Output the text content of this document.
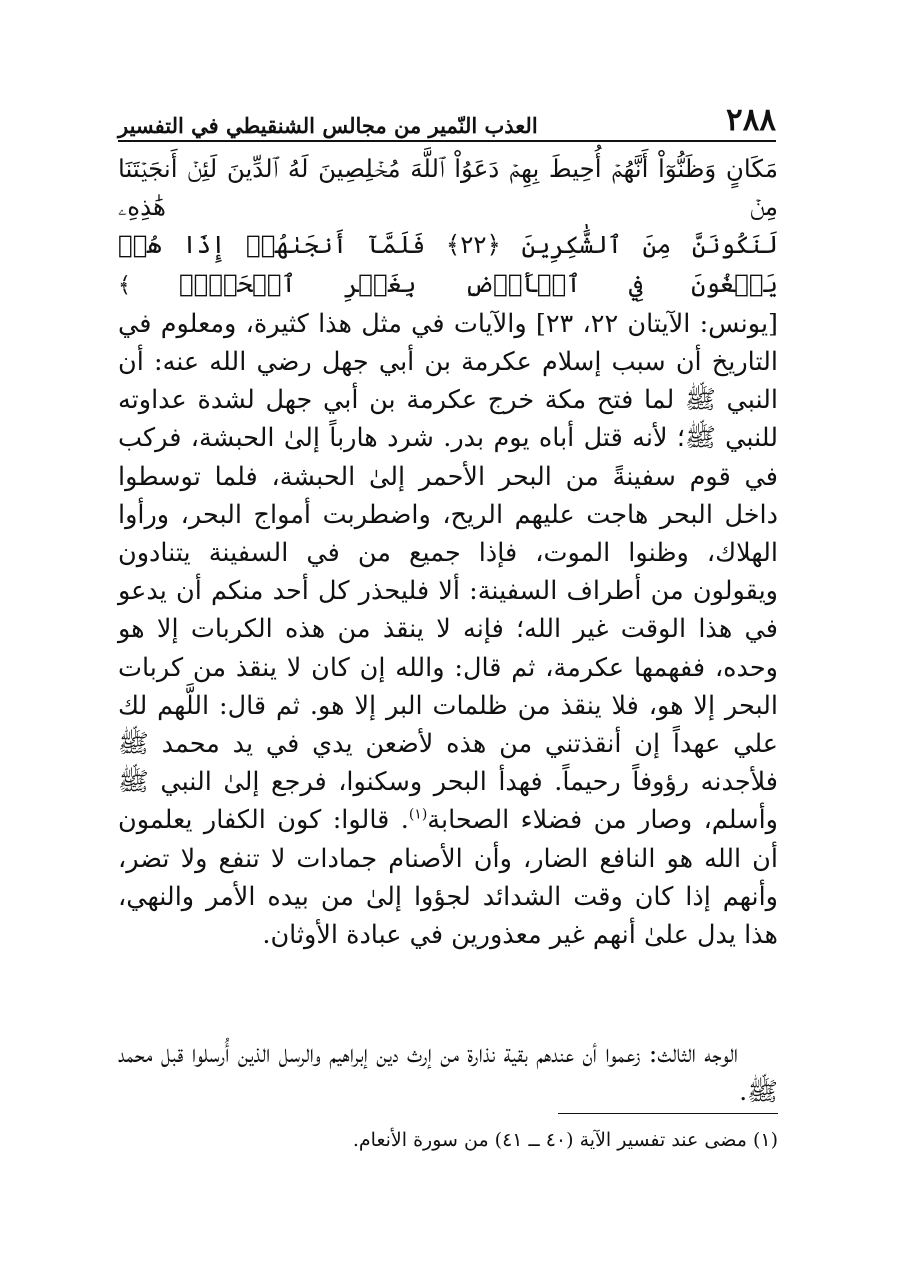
٢٨٨
العذب النّمير من مجالس الشنقيطي في التفسير
مَكَانٍ وَظَنُّوٓاْ أَنَّهُمۡ أُحِيطَ بِهِمۡ دَعَوُاْ ٱللَّهَ مُخۡلِصِينَ لَهُ ٱلدِّينَ لَئِنۡ أَنجَيۡتَنَا مِنۡ هَٰذِهِۦ
لَنَكُونَنَّ مِنَ ٱلشَّٰكِرِينَ ﴿٢٢﴾ فَلَمَّآ أَنجَىٰهُمۡ إِذَا هُمۡ يَبۡغُونَ فِي ٱلۡأَرۡضِ بِغَيۡرِ ٱلۡحَقِّۗ ﴾

[يونس: الآيتان ٢٢، ٢٣] والآيات في مثل هذا كثيرة، ومعلوم في التاريخ أن سبب إسلام عكرمة بن أبي جهل رضي الله عنه: أن النبي ﷺ لما فتح مكة خرج عكرمة بن أبي جهل لشدة عداوته للنبي ﷺ؛ لأنه قتل أباه يوم بدر. شرد هارباً إلىٰ الحبشة، فركب في قوم سفينةً من البحر الأحمر إلىٰ الحبشة، فلما توسطوا داخل البحر هاجت عليهم الريح، واضطربت أمواج البحر، ورأوا الهلاك، وظنوا الموت، فإذا جميع من في السفينة يتنادون ويقولون من أطراف السفينة: ألا فليحذر كل أحد منكم أن يدعو في هذا الوقت غير الله؛ فإنه لا ينقذ من هذه الكربات إلا هو وحده، ففهمها عكرمة، ثم قال: والله إن كان لا ينقذ من كربات البحر إلا هو، فلا ينقذ من ظلمات البر إلا هو. ثم قال: اللَّهم لك علي عهداً إن أنقذتني من هذه لأضعن يدي في يد محمد ﷺ فلأجدنه رؤوفاً رحيماً. فهدأ البحر وسكنوا، فرجع إلىٰ النبي ﷺ وأسلم، وصار من فضلاء الصحابة$^{(١)}$. قالوا: كون الكفار يعلمون أن الله هو النافع الضار، وأن الأصنام جمادات لا تنفع ولا تضر، وأنهم إذا كان وقت الشدائد لجؤوا إلىٰ من بيده الأمر والنهي، هذا يدل علىٰ أنهم غير معذورين في عبادة الأوثان.

الوجه الثالث: زعموا أن عندهم بقية نذارة من إرث دين إبراهيم والرسل الذين أُرسلوا قبل محمد ﷺ.

(١) مضى عند تفسير الآية (٤٠ ــ ٤١) من سورة الأنعام.
